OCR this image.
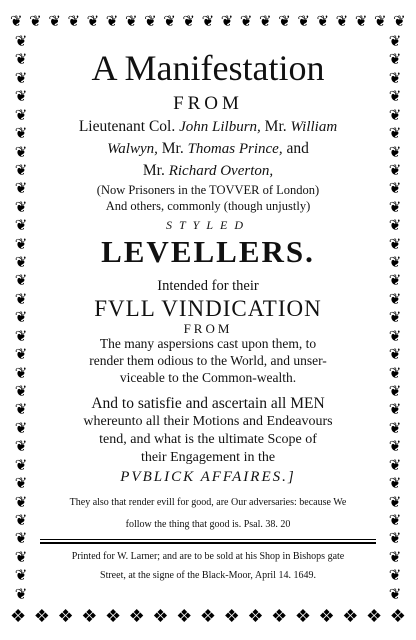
❦ ❦ ❦ ❦ ❦ ❦ ❦ ❦ ❦ ❦ ❦ ❦ ❦ ❦ ❦ ❦ ❦ ❦ ❦ ❦ ❦
❦
❦
❦
❦
❦
❦
❦
❦
❦
❦
❦
❦
❦
❦
❦
❦
❦
❦
❦
❦
❦
❦
❦
❦
❦
❦
❦
❦
❦
❦
❦
❦
❦
❦
❦
❦
❦
❦
❦
❦
❦
❦
❦
❦
❦
❦
❦
❦
❦
❦
❦
❦
❦
❦
❦
❦
❦
❦
❦
❦
❦
❦
❖ ❖ ❖ ❖ ❖ ❖ ❖ ❖ ❖ ❖ ❖ ❖ ❖ ❖ ❖ ❖ ❖
A Manifestation
FROM
Lieutenant Col. John Lilburn, Mr. William
Walwyn, Mr. Thomas Prince, and
Mr. Richard Overton,
(Now Prisoners in the TOVVER of London)
And others, commonly (though unjustly)
STYLED
LEVELLERS.
Intended for their
FVLL VINDICATION
FROM
The many aspersions cast upon them, to
render them odious to the World, and unser-
viceable to the Common-wealth.
And to satisfie and ascertain all MEN
whereunto all their Motions and Endeavours
tend, and what is the ultimate Scope of
their Engagement in the
PVBLICK AFFAIRES.]
They also that render evill for good, are Our adversaries: because We
follow the thing that good is. Psal. 38. 20
Printed for W. Larner; and are to be sold at his Shop in Bishops gate
Street, at the signe of the Black-Moor, April 14. 1649.
